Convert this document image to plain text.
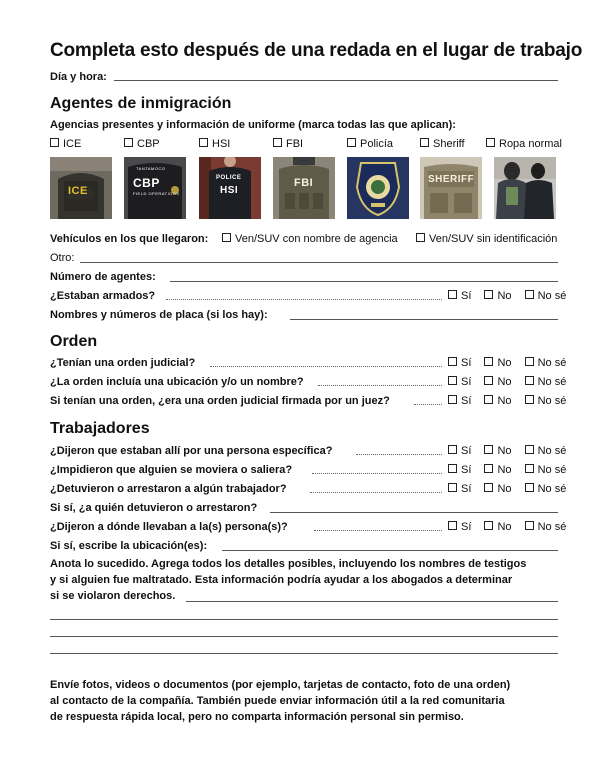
Completa esto después de una redada en el lugar de trabajo
Día y hora:
Agentes de inmigración
Agencias presentes y información de uniforme (marca todas las que aplican):
ICE	CBP	HSI	FBI	Policía	Sheriff	Ropa normal
ICE
TANTAMOCO
CBP
FIELD OPERATIONS
POLICE
HSI
FBI	SHERIFF
Vehículos en los que llegaron:	Ven/SUV con nombre de agencia	Ven/SUV sin identificación
Otro:
Número de agentes:
¿Estaban armados?	Sí No No sé
Nombres y números de placa (si los hay):
Orden
¿Tenían una orden judicial?	Sí No No sé
¿La orden incluía una ubicación y/o un nombre?	Sí No No sé
Si tenían una orden, ¿era una orden judicial firmada por un juez?	Sí No No sé
Trabajadores
¿Dijeron que estaban allí por una persona específica?	Sí No No sé
¿Impidieron que alguien se moviera o saliera?	Sí No No sé
¿Detuvieron o arrestaron a algún trabajador?	Sí No No sé
Si sí, ¿a quién detuvieron o arrestaron?
¿Dijeron a dónde llevaban a la(s) persona(s)?	Sí No No sé
Si sí, escribe la ubicación(es):
Anota lo sucedido. Agrega todos los detalles posibles, incluyendo los nombres de testigos
y si alguien fue maltratado. Esta información podría ayudar a los abogados a determinar
si se violaron derechos.
Envíe fotos, videos o documentos (por ejemplo, tarjetas de contacto, foto de una orden)
al contacto de la compañía. También puede enviar información útil a la red comunitaria
de respuesta rápida local, pero no comparta información personal sin permiso.
